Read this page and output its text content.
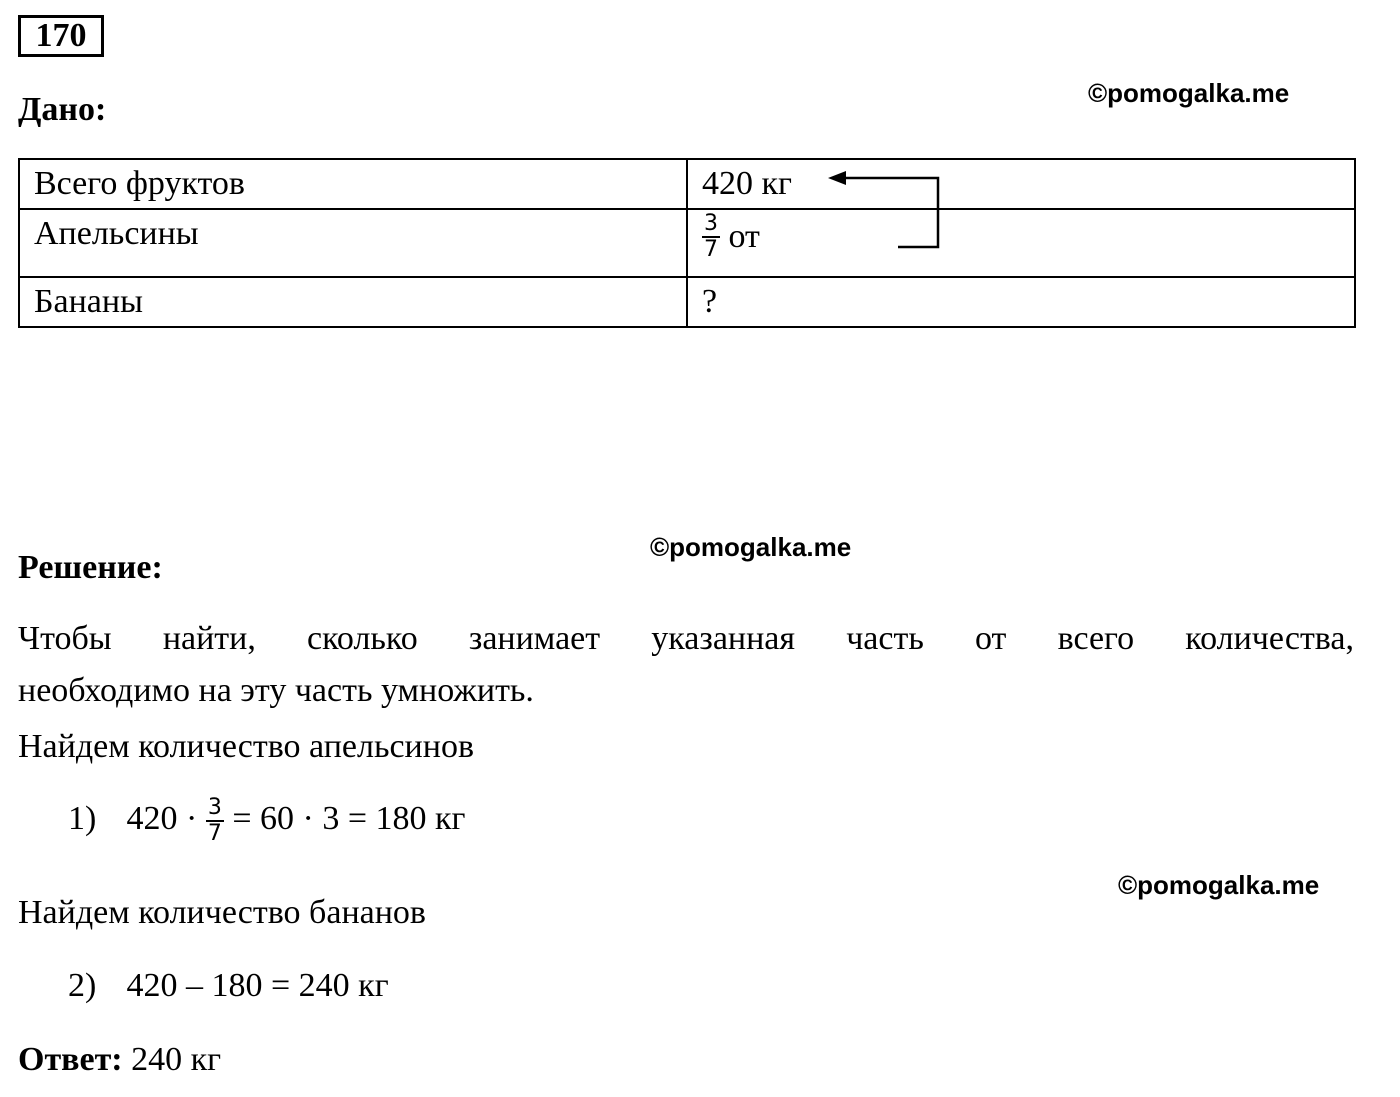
170
Дано:	©pomogalka.me
Всего фруктов	420 кг
Апельсины	$\frac{3}{7}$ от
Бананы	?
Решение:
©pomogalka.me
Чтобы найти, сколько занимает указанная часть от всего количества,
необходимо на эту часть умножить.
Найдем количество апельсинов
1) $420 \cdot \frac{3}{7} = 60 \cdot 3 = 180$ кг
©pomogalka.me
Найдем количество бананов
2) 420 – 180 = 240 кг
Ответ: 240 кг
